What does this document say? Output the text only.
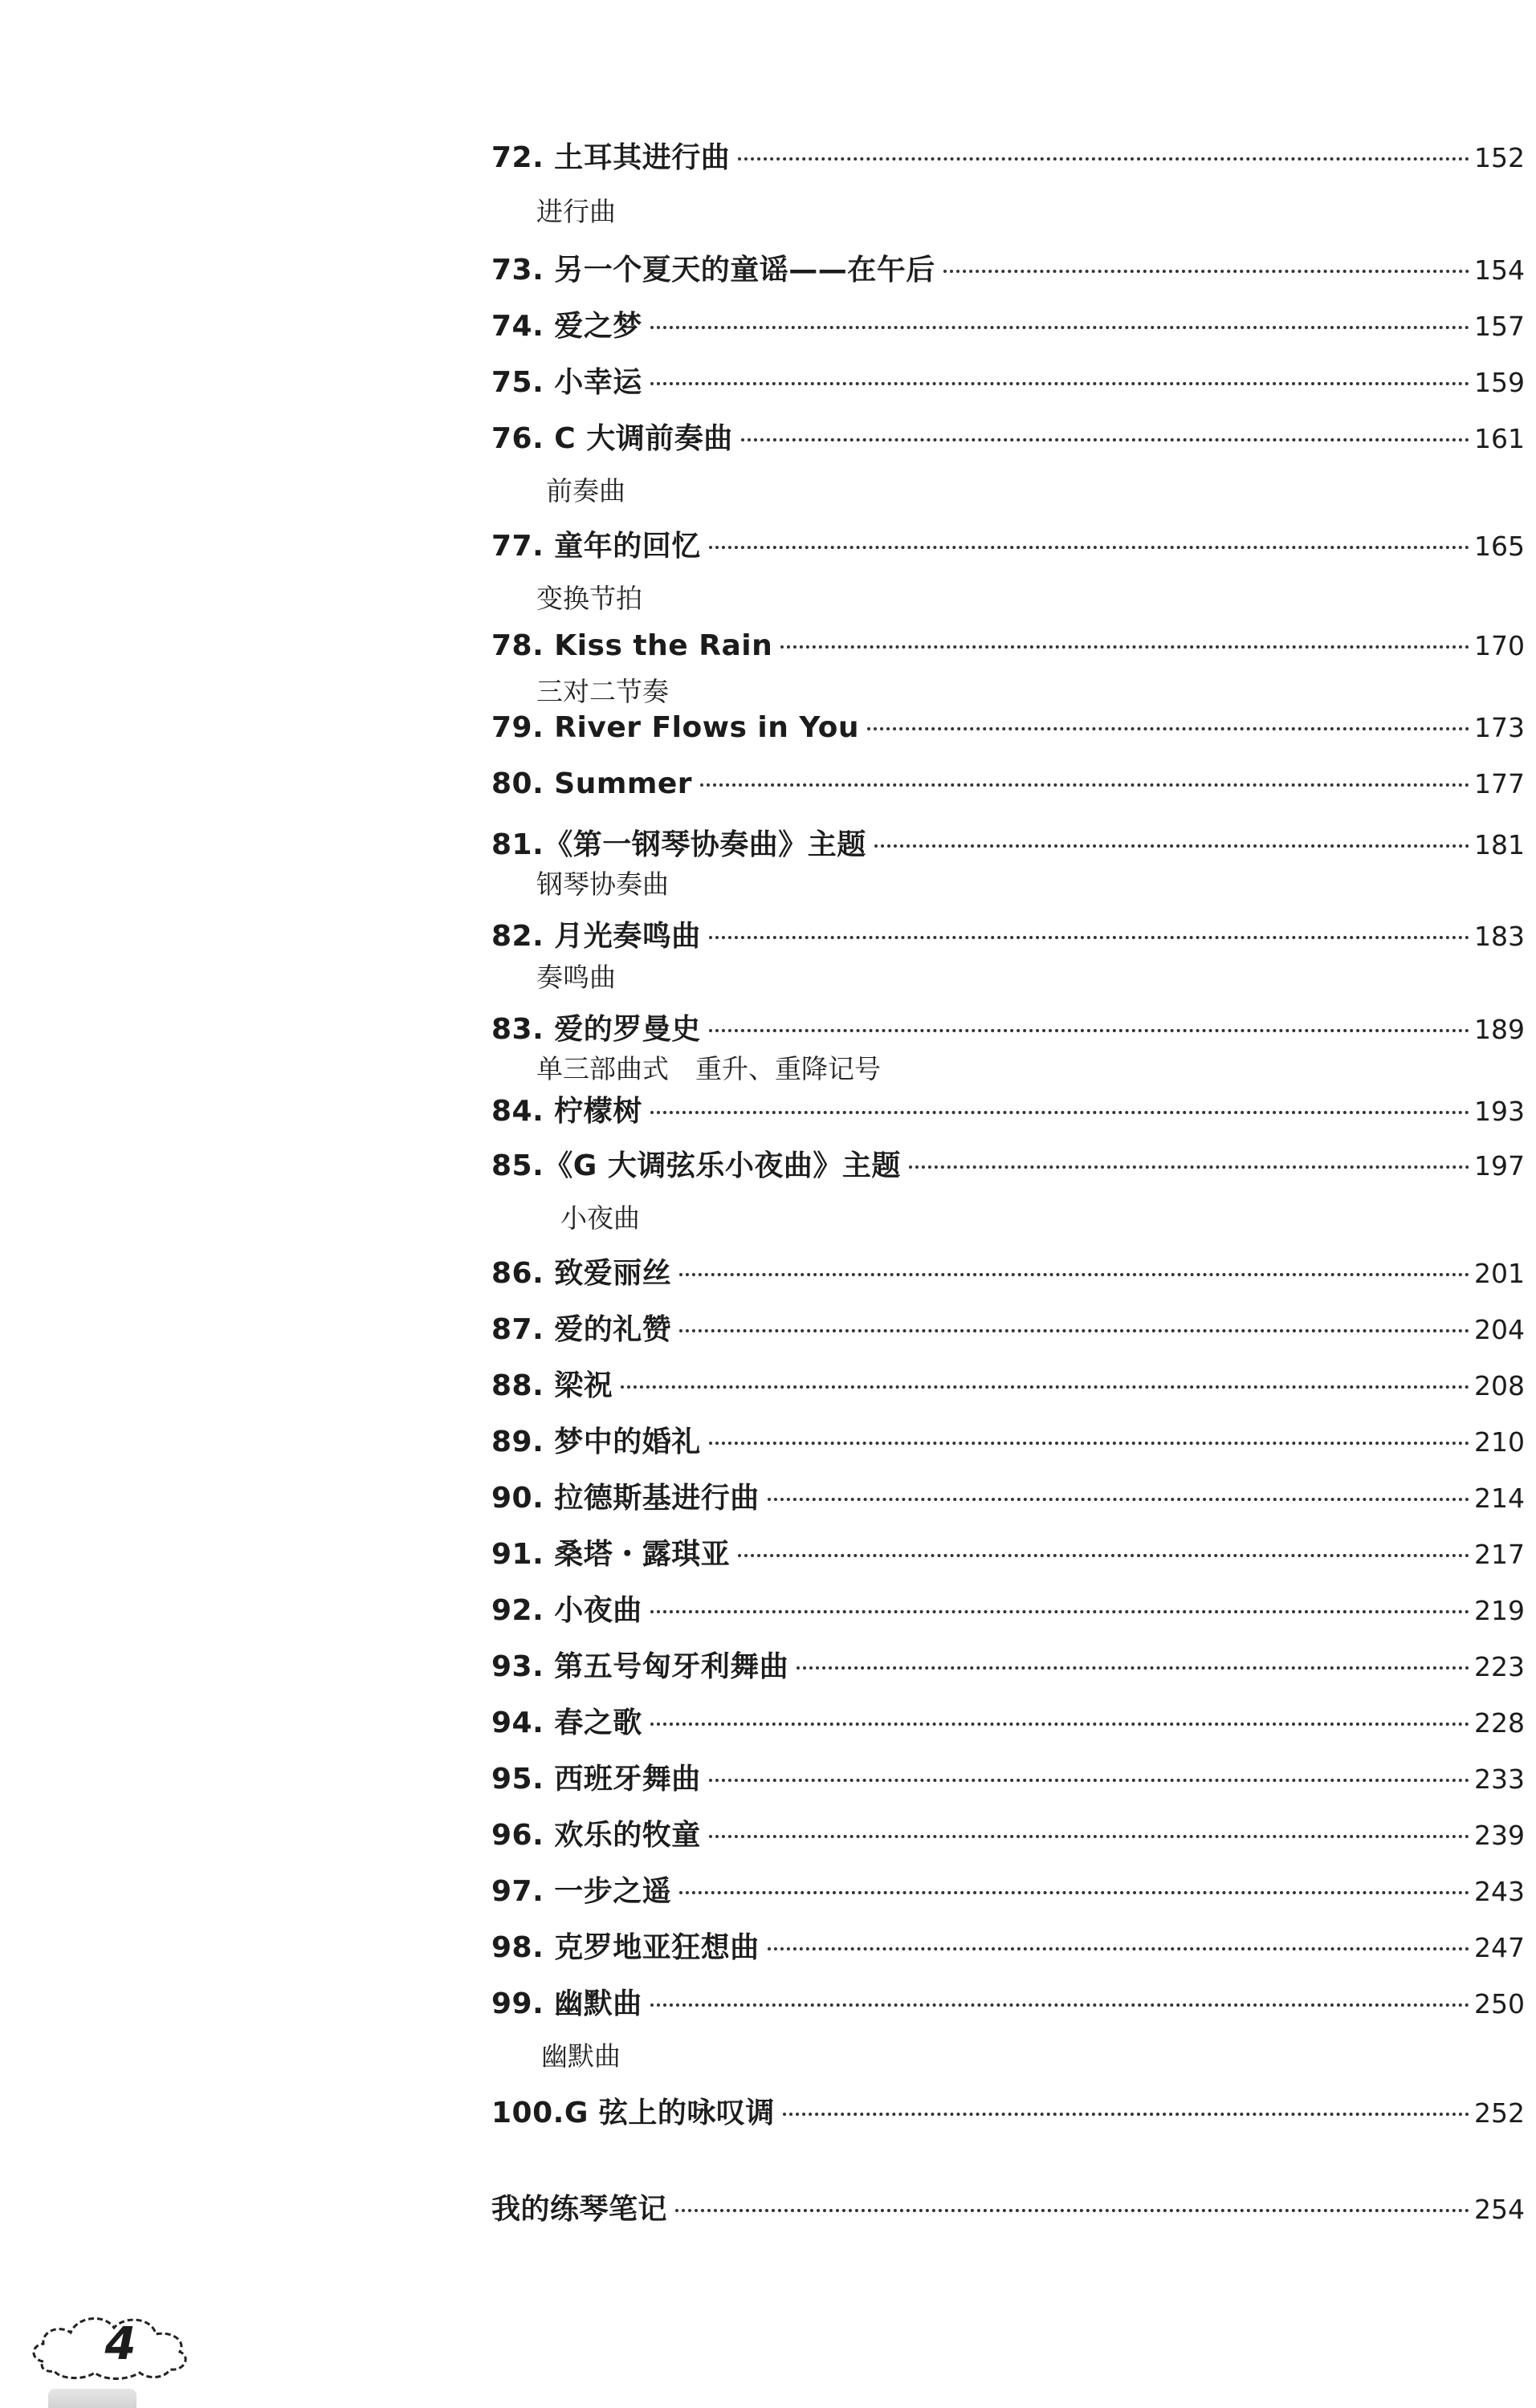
72. 土耳其进行曲	152
进行曲
73. 另一个夏天的童谣——在午后	154
74. 爱之梦	157
75. 小幸运	159
76. C 大调前奏曲	161
前奏曲
77. 童年的回忆	165
变换节拍
78. Kiss the Rain	170
三对二节奏
79. River Flows in You	173
80. Summer	177
81.《第一钢琴协奏曲》主题	181
钢琴协奏曲
82. 月光奏鸣曲	183
奏鸣曲
83. 爱的罗曼史	189
单三部曲式　重升、重降记号
84. 柠檬树	193
85.《G 大调弦乐小夜曲》主题	197
小夜曲
86. 致爱丽丝	201
87. 爱的礼赞	204
88. 梁祝	208
89. 梦中的婚礼	210
90. 拉德斯基进行曲	214
91. 桑塔・露琪亚	217
92. 小夜曲	219
93. 第五号匈牙利舞曲	223
94. 春之歌	228
95. 西班牙舞曲	233
96. 欢乐的牧童	239
97. 一步之遥	243
98. 克罗地亚狂想曲	247
99. 幽默曲	250
幽默曲
100.G 弦上的咏叹调	252
我的练琴笔记	254
4
